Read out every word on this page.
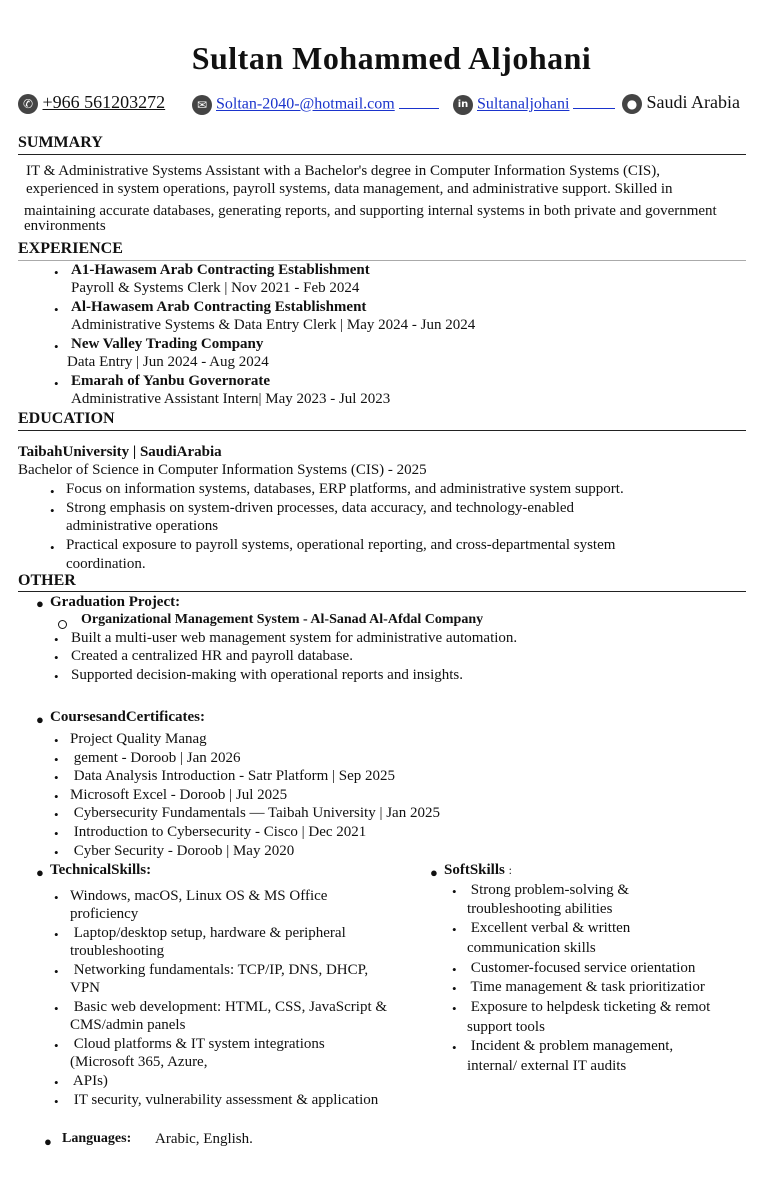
Sultan Mohammed Aljohani
✆ +966 561203272	✉ Soltan-2040-@hotmail.com	in Sultanaljohani	● Saudi Arabia
SUMMARY
IT & Administrative Systems Assistant with a Bachelor's degree in Computer Information Systems (CIS),
experienced in system operations, payroll systems, data management, and administrative support. Skilled in
maintaining accurate databases, generating reports, and supporting internal systems in both private and government
environments
EXPERIENCE
• A1-Hawasem Arab Contracting Establishment
Payroll & Systems Clerk | Nov 2021 - Feb 2024
• Al-Hawasem Arab Contracting Establishment
Administrative Systems & Data Entry Clerk | May 2024 - Jun 2024
• New Valley Trading Company
Data Entry | Jun 2024 - Aug 2024
• Emarah of Yanbu Governorate
Administrative Assistant Intern| May 2023 - Jul 2023
EDUCATION
TaibahUniversity | SaudiArabia
Bachelor of Science in Computer Information Systems (CIS) - 2025
• Focus on information systems, databases, ERP platforms, and administrative system support.
• Strong emphasis on system-driven processes, data accuracy, and technology-enabled
administrative operations
• Practical exposure to payroll systems, operational reporting, and cross-departmental system
coordination.
OTHER
● Graduation Project:
Organizational Management System - Al-Sanad Al-Afdal Company
• Built a multi-user web management system for administrative automation.
• Created a centralized HR and payroll database.
• Supported decision-making with operational reports and insights.
● CoursesandCertificates:
• Project Quality Manag
• gement - Doroob | Jan 2026
• Data Analysis Introduction - Satr Platform | Sep 2025
• Microsoft Excel - Doroob | Jul 2025
• Cybersecurity Fundamentals — Taibah University | Jan 2025
• Introduction to Cybersecurity - Cisco | Dec 2021
• Cyber Security - Doroob | May 2020
● TechnicalSkills:
• Windows, macOS, Linux OS & MS Office
proficiency
• Laptop/desktop setup, hardware & peripheral
troubleshooting
• Networking fundamentals: TCP/IP, DNS, DHCP,
VPN
• Basic web development: HTML, CSS, JavaScript &
CMS/admin panels
• Cloud platforms & IT system integrations
(Microsoft 365, Azure,
• APIs)
• IT security, vulnerability assessment & application
● SoftSkills :
• Strong problem-solving &
troubleshooting abilities
• Excellent verbal & written
communication skills
• Customer-focused service orientation
• Time management & task prioritizatior
• Exposure to helpdesk ticketing & remot
support tools
• Incident & problem management,
internal/ external IT audits
● Languages: Arabic, English.
